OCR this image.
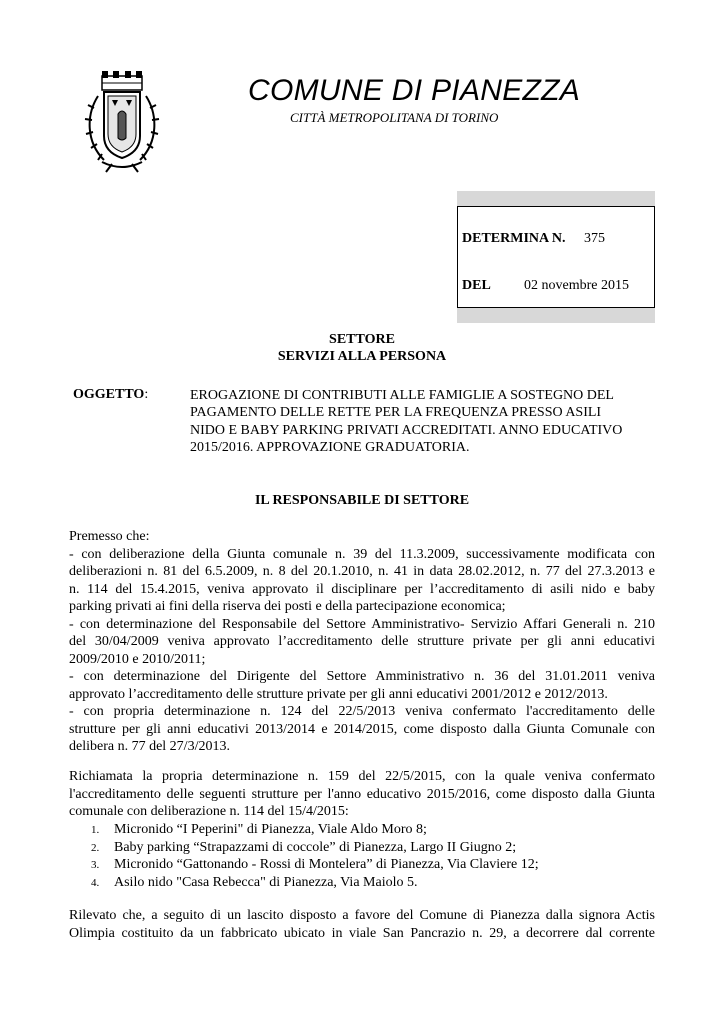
COMUNE DI PIANEZZA
CITTÀ METROPOLITANA DI TORINO
DETERMINA N. 375
DEL 02 novembre 2015
SETTORE
SERVIZI ALLA PERSONA
OGGETTO:	EROGAZIONE DI CONTRIBUTI ALLE FAMIGLIE A SOSTEGNO DEL
PAGAMENTO DELLE RETTE PER LA FREQUENZA PRESSO ASILI
NIDO E BABY PARKING PRIVATI ACCREDITATI. ANNO EDUCATIVO
2015/2016. APPROVAZIONE GRADUATORIA.
IL RESPONSABILE DI SETTORE
Premesso che:
- con deliberazione della Giunta comunale n. 39 del 11.3.2009, successivamente modificata con
deliberazioni n. 81 del 6.5.2009, n. 8 del 20.1.2010, n. 41 in data 28.02.2012, n. 77 del 27.3.2013 e
n. 114 del 15.4.2015, veniva approvato il disciplinare per l’accreditamento di asili nido e baby
parking privati ai fini della riserva dei posti e della partecipazione economica;
- con determinazione del Responsabile del Settore Amministrativo- Servizio Affari Generali n. 210
del 30/04/2009 veniva approvato l’accreditamento delle strutture private per gli anni educativi
2009/2010 e 2010/2011;
- con determinazione del Dirigente del Settore Amministrativo n. 36 del 31.01.2011 veniva
approvato l’accreditamento delle strutture private per gli anni educativi 2001/2012 e 2012/2013.
- con propria determinazione n. 124 del 22/5/2013 veniva confermato l'accreditamento delle
strutture per gli anni educativi 2013/2014 e 2014/2015, come disposto dalla Giunta Comunale con
delibera n. 77 del 27/3/2013.
Richiamata la propria determinazione n. 159 del 22/5/2015, con la quale veniva confermato
l'accreditamento delle seguenti strutture per l'anno educativo 2015/2016, come disposto dalla Giunta
comunale con deliberazione n. 114 del 15/4/2015:
1. Micronido “I Peperini" di Pianezza, Viale Aldo Moro 8;
2. Baby parking “Strapazzami di coccole” di Pianezza, Largo II Giugno 2;
3. Micronido “Gattonando - Rossi di Montelera” di Pianezza, Via Claviere 12;
4. Asilo nido "Casa Rebecca" di Pianezza, Via Maiolo 5.
Rilevato che, a seguito di un lascito disposto a favore del Comune di Pianezza dalla signora Actis
Olimpia costituito da un fabbricato ubicato in viale San Pancrazio n. 29, a decorrere dal corrente
